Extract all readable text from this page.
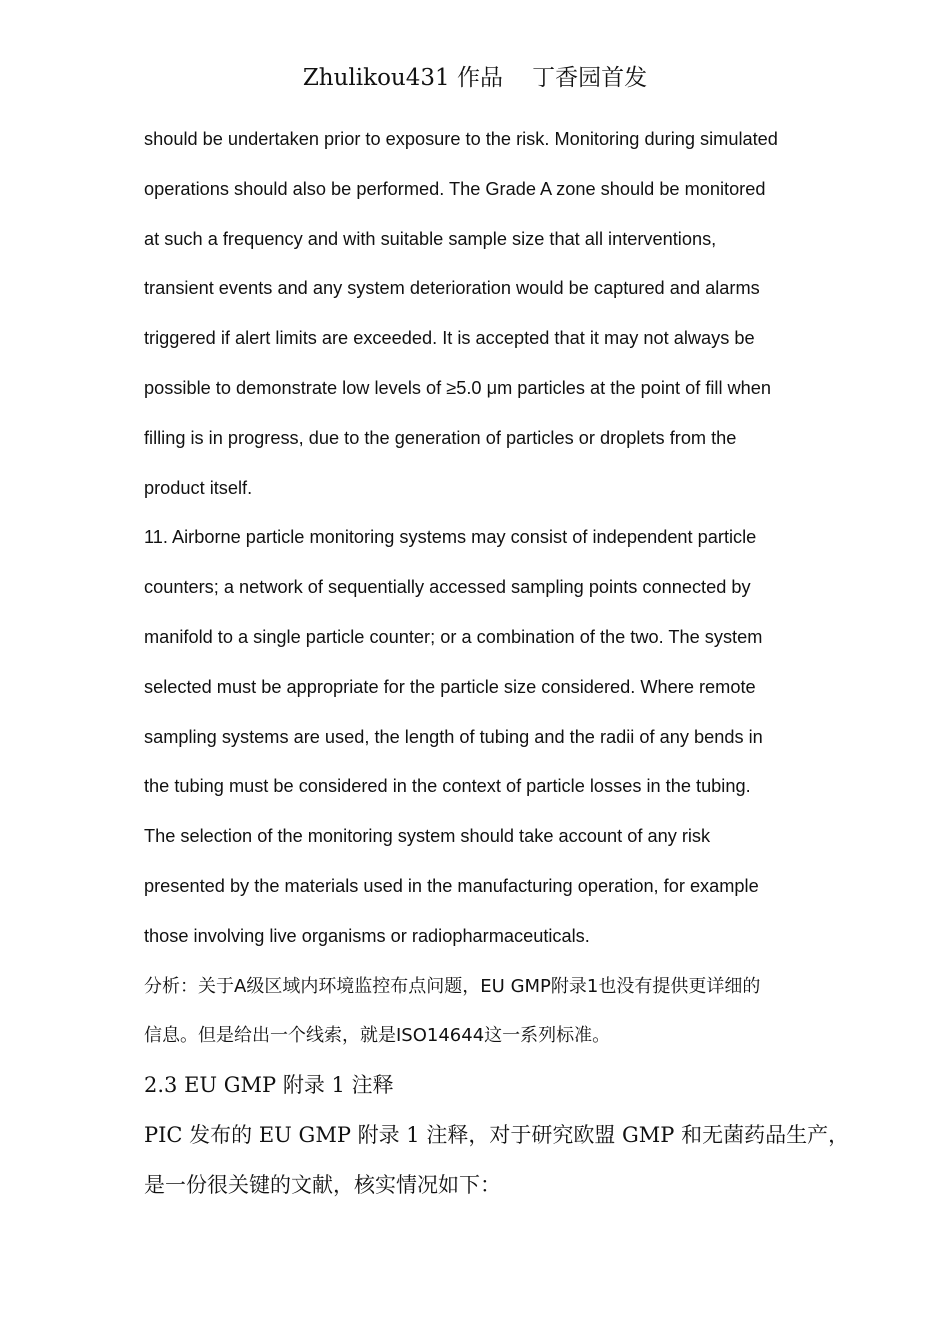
Zhulikou431 作品    丁香园首发
should be undertaken prior to exposure to the risk. Monitoring during simulated
operations should also be performed. The Grade A zone should be monitored
at such a frequency and with suitable sample size that all interventions,
transient events and any system deterioration would be captured and alarms
triggered if alert limits are exceeded. It is accepted that it may not always be
possible to demonstrate low levels of ≥5.0 μm particles at the point of fill when
filling is in progress, due to the generation of particles or droplets from the
product itself.
11. Airborne particle monitoring systems may consist of independent particle
counters; a network of sequentially accessed sampling points connected by
manifold to a single particle counter; or a combination of the two. The system
selected must be appropriate for the particle size considered. Where remote
sampling systems are used, the length of tubing and the radii of any bends in
the tubing must be considered in the context of particle losses in the tubing.
The selection of the monitoring system should take account of any risk
presented by the materials used in the manufacturing operation, for example
those involving live organisms or radiopharmaceuticals.
分析：关于A级区域内环境监控布点问题，EU GMP附录1也没有提供更详细的
信息。但是给出一个线索，就是ISO14644这一系列标准。
2.3 EU GMP 附录 1 注释
PIC 发布的 EU GMP 附录 1 注释，对于研究欧盟 GMP 和无菌药品生产，
是一份很关键的文献，核实情况如下：
